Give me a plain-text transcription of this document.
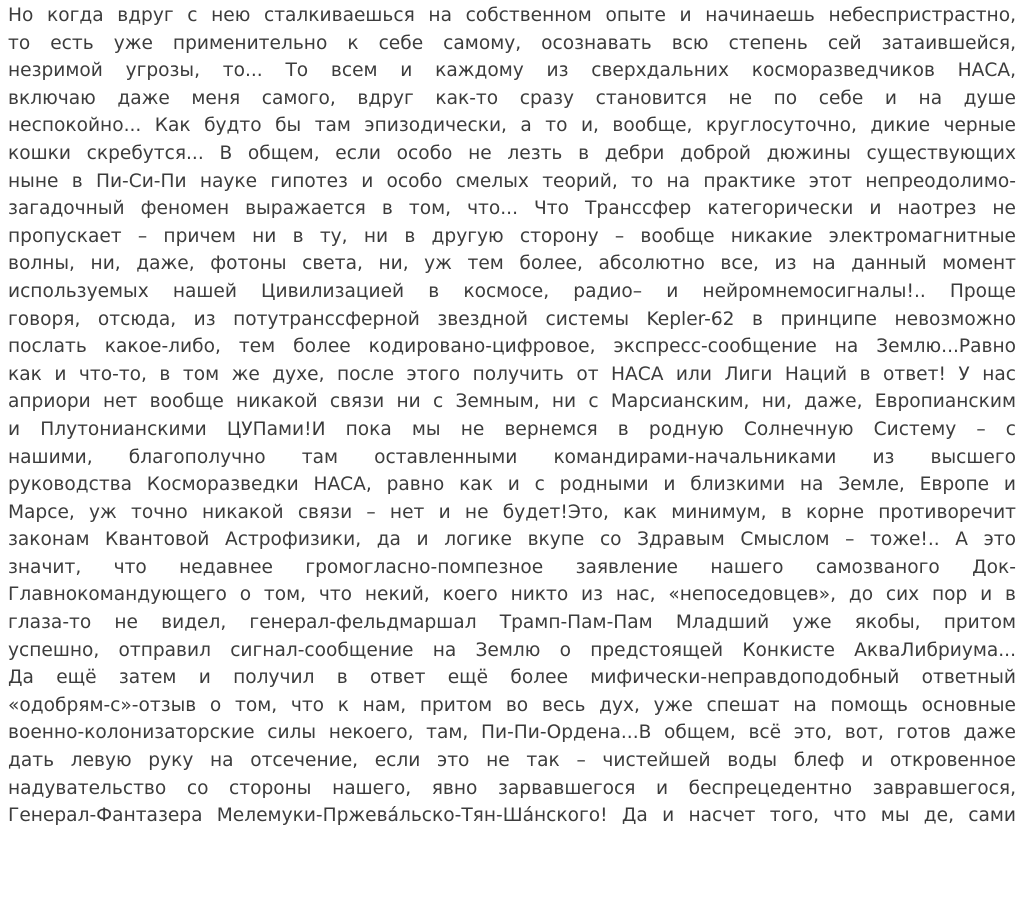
Но когда вдруг с нею сталкиваешься на собственном опыте и начинаешь небеспристрастно,
то есть уже применительно к себе самому, осознавать всю степень сей затаившейся,
незримой угрозы, то... То всем и каждому из сверхдальних косморазведчиков НАСА,
включаю даже меня самого, вдруг как-то сразу становится не по себе и на душе
неспокойно... Как будто бы там эпизодически, а то и, вообще, круглосуточно, дикие черные
кошки скребутся... В общем, если особо не лезть в дебри доброй дюжины существующих
ныне в Пи-Си-Пи науке гипотез и особо смелых теорий, то на практике этот непреодолимо-
загадочный феномен выражается в том, что... Что Транссфер категорически и наотрез не
пропускает – причем ни в ту, ни в другую сторону – вообще никакие электромагнитные
волны, ни, даже, фотоны света, ни, уж тем более, абсолютно все, из на данный момент
используемых нашей Цивилизацией в космосе, радио– и нейромнемосигналы!.. Проще
говоря, отсюда, из потутранссферной звездной системы Kepler-62 в принципе невозможно
послать какое-либо, тем более кодировано-цифровое, экспресс-сообщение на Землю...Равно
как и что-то, в том же духе, после этого получить от НАСА или Лиги Наций в ответ! У нас
априори нет вообще никакой связи ни с Земным, ни с Марсианским, ни, даже, Европианским
и Плутонианскими ЦУПами!И пока мы не вернемся в родную Солнечную Систему – с
нашими, благополучно там оставленными командирами-начальниками из высшего
руководства Косморазведки НАСА, равно как и с родными и близкими на Земле, Европе и
Марсе, уж точно никакой связи – нет и не будет!Это, как минимум, в корне противоречит
законам Квантовой Астрофизики, да и логике вкупе со Здравым Смыслом – тоже!.. А это
значит, что недавнее громогласно-помпезное заявление нашего самозваного Док-
Главнокомандующего о том, что некий, коего никто из нас, «непоседовцев», до сих пор и в
глаза-то не видел, генерал-фельдмаршал Трамп-Пам-Пам Младший уже якобы, притом
успешно, отправил сигнал-сообщение на Землю о предстоящей Конкисте АкваЛибриума...
Да ещё затем и получил в ответ ещё более мифически-неправдоподобный ответный
«одобрям-с»-отзыв о том, что к нам, притом во весь дух, уже спешат на помощь основные
военно-колонизаторские силы некоего, там, Пи-Пи-Ордена...В общем, всё это, вот, готов даже
дать левую руку на отсечение, если это не так – чистейшей воды блеф и откровенное
надувательство со стороны нашего, явно зарвавшегося и беспрецедентно завравшегося,
Генерал-Фантазера Мелемуки-Пржевáльско-Тян-Шáнского! Да и насчет того, что мы де, сами
